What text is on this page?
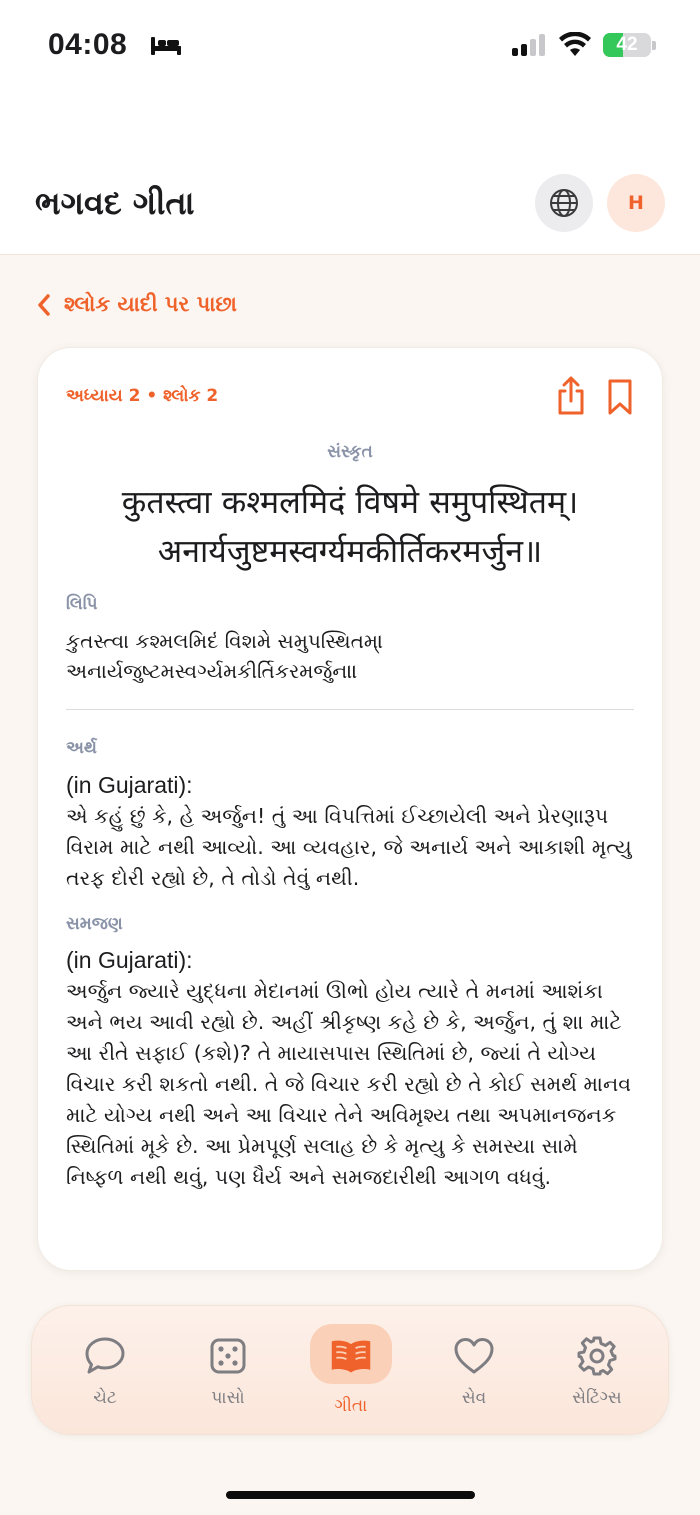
04:08	42
ભગવદ ગીતા	H
શ્લોક યાદી પર પાછા
અધ્યાય 2 • શ્લોક 2
સંસ્કૃત
कुतस्त्वा कश्मलमिदं विषमे समुपस्थितम्।
अनार्यजुष्टमस्वर्ग्यमकीर्तिकरमर्जुन॥
લિપિ
કુતસ્ત્વા કશ્મલમિદં વિશમે સમુપસ્થિતમ્।
અનાર્યજુષ્ટમસ્વર્ગ્યમકીર્તિકરમર્જુન॥
અર્થ
(in Gujarati):
એ કહું છું કે, હે અર્જુન! તું આ વિપત્તિમાં ઈચ્છાયેલી અને પ્રેરણારૂપ વિરામ માટે નથી આવ્યો. આ વ્યવહાર, જે અનાર્ય અને આકાશી મૃત્યુ તરફ દોરી રહ્યો છે, તે તોડો તેવું નથી.
સમજણ
(in Gujarati):
અર્જુન જ્યારે યુદ્ધના મેદાનમાં ઊભો હોય ત્યારે તે મનમાં આશંકા અને ભય આવી રહ્યો છે. અહીં શ્રીકૃષ્ણ કહે છે કે, અર્જુન, તું શા માટે આ રીતે સફાઈ (કશે)? તે માયાસપાસ સ્થિતિમાં છે, જ્યાં તે યોગ્ય વિચાર કરી શકતો નથી. તે જે વિચાર કરી રહ્યો છે તે કોઈ સમર્થ માનવ માટે યોગ્ય નથી અને આ વિચાર તેને અવિમૃશ્ય તથા અપમાનજનક સ્થિતિમાં મૂકે છે. આ પ્રેમપૂર્ણ સલાહ છે કે મૃત્યુ કે સમસ્યા સામે નિષ્ફળ નથી થવું, પણ ધૈર્ય અને સમજદારીથી આગળ વધવું.
ચેટ	પાસો	ગીતા	સેવ	સેટિંગ્સ
